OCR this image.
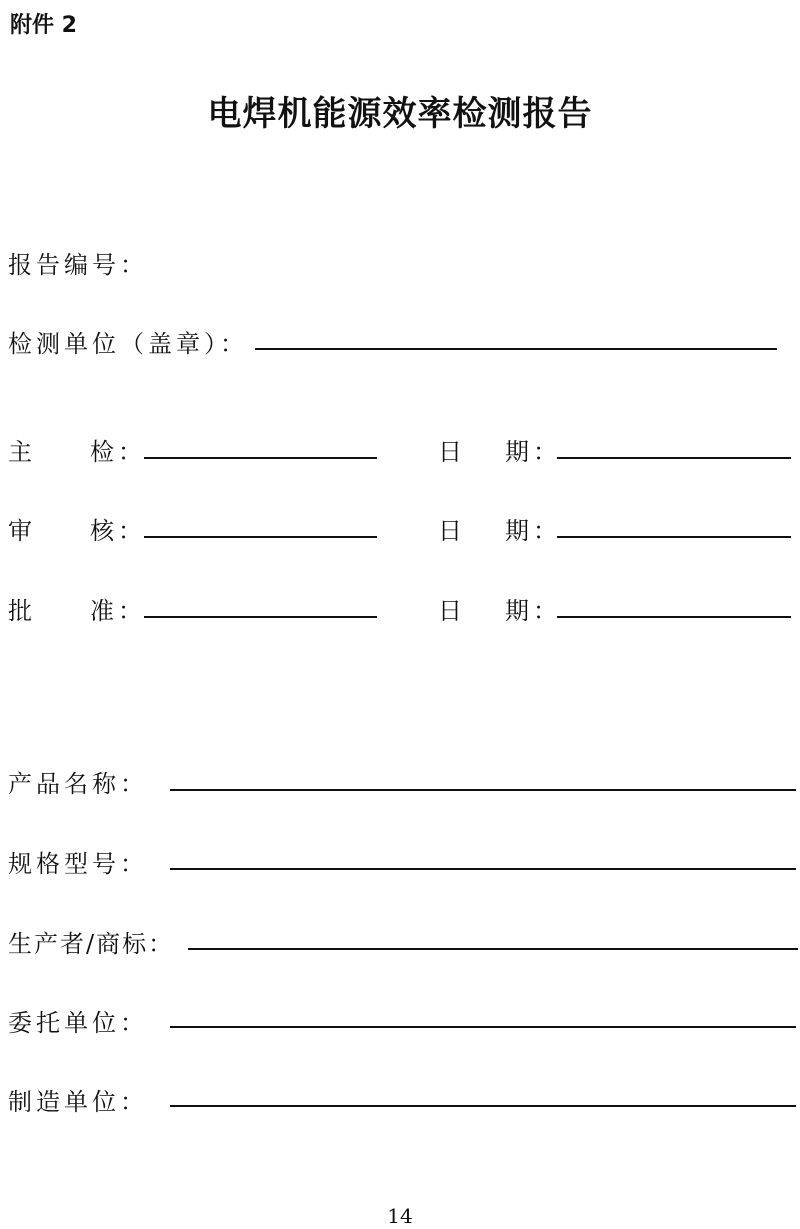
附件 2
电焊机能源效率检测报告
报告编号：
检测单位（盖章）：
主 检：	日 期：
审 核：	日 期：
批 准：	日 期：
产品名称：
规格型号：
生产者/商标：
委托单位：
制造单位：
14
